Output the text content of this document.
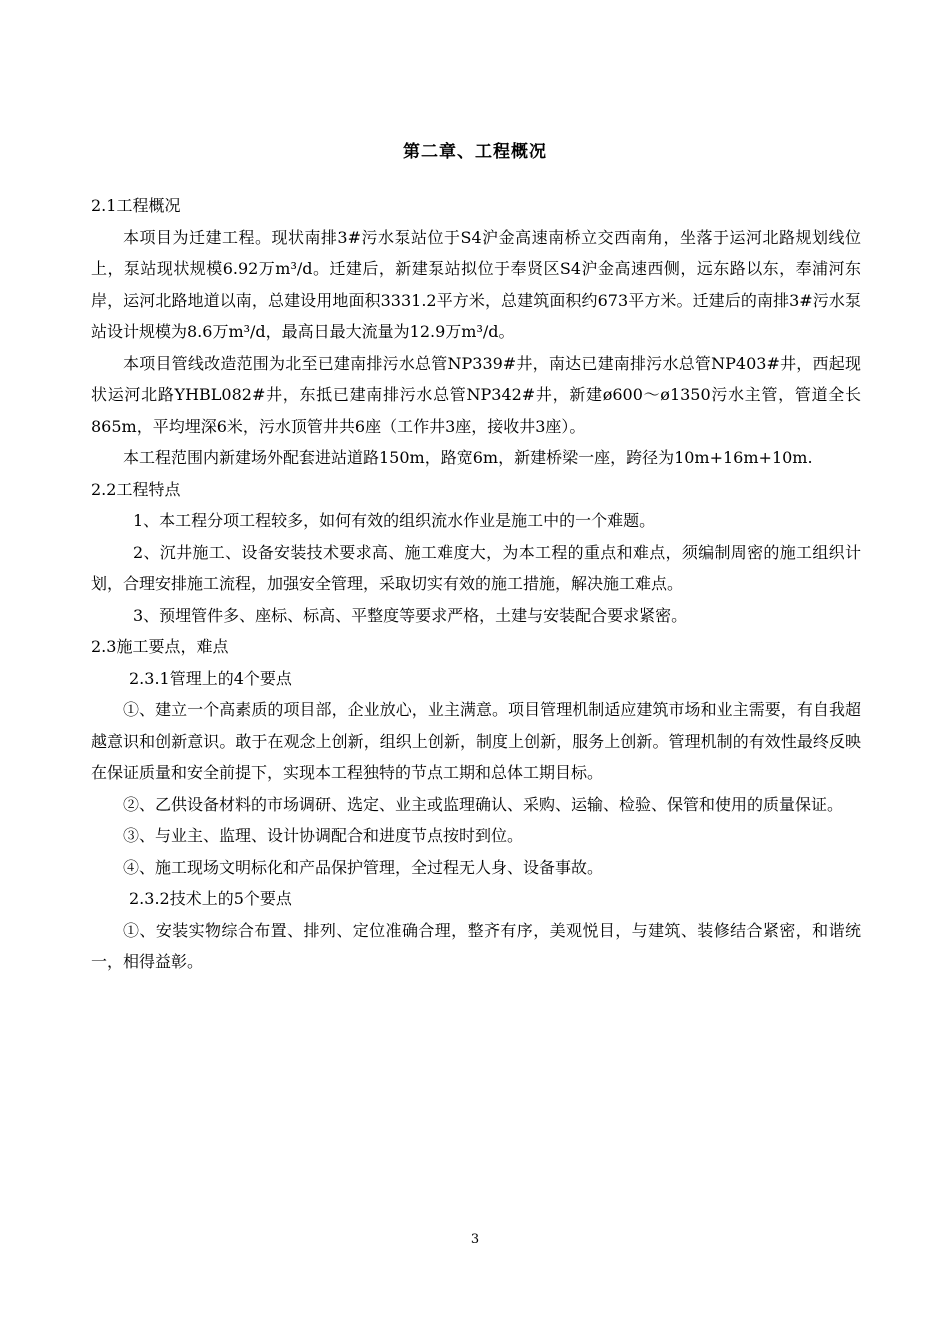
第二章、工程概况

2.1工程概况

本项目为迁建工程。现状南排3#污水泵站位于S4沪金高速南桥立交西南角，坐落于运河北路规划线位上，泵站现状规模6.92万m³/d。迁建后，新建泵站拟位于奉贤区S4沪金高速西侧，远东路以东，奉浦河东岸，运河北路地道以南，总建设用地面积3331.2平方米，总建筑面积约673平方米。迁建后的南排3#污水泵站设计规模为8.6万m³/d，最高日最大流量为12.9万m³/d。

本项目管线改造范围为北至已建南排污水总管NP339#井，南达已建南排污水总管NP403#井，西起现状运河北路YHBL082#井，东抵已建南排污水总管NP342#井，新建ø600～ø1350污水主管，管道全长865m，平均埋深6米，污水顶管井共6座（工作井3座，接收井3座）。

本工程范围内新建场外配套进站道路150m，路宽6m，新建桥梁一座，跨径为10m+16m+10m.

2.2工程特点

1、本工程分项工程较多，如何有效的组织流水作业是施工中的一个难题。

2、沉井施工、设备安装技术要求高、施工难度大，为本工程的重点和难点，须编制周密的施工组织计划，合理安排施工流程，加强安全管理，采取切实有效的施工措施，解决施工难点。

3、预埋管件多、座标、标高、平整度等要求严格，土建与安装配合要求紧密。

2.3施工要点，难点

2.3.1管理上的4个要点

①、建立一个高素质的项目部，企业放心，业主满意。项目管理机制适应建筑市场和业主需要，有自我超越意识和创新意识。敢于在观念上创新，组织上创新，制度上创新，服务上创新。管理机制的有效性最终反映在保证质量和安全前提下，实现本工程独特的节点工期和总体工期目标。

②、乙供设备材料的市场调研、选定、业主或监理确认、采购、运输、检验、保管和使用的质量保证。

③、与业主、监理、设计协调配合和进度节点按时到位。

④、施工现场文明标化和产品保护管理，全过程无人身、设备事故。

2.3.2技术上的5个要点

①、安装实物综合布置、排列、定位准确合理，整齐有序，美观悦目，与建筑、装修结合紧密，和谐统一，相得益彰。

3
